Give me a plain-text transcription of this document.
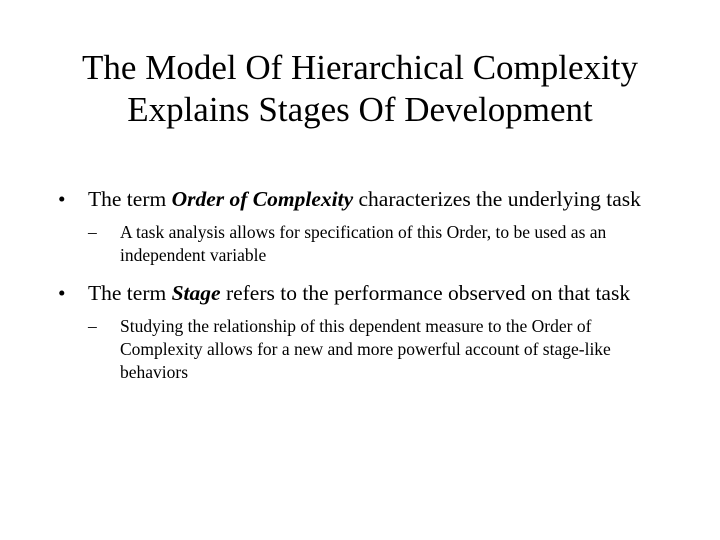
The Model Of Hierarchical Complexity
Explains Stages Of Development
• The term Order of Complexity characterizes the underlying task
– A task analysis allows for specification of this Order, to be used as an independent variable
• The term Stage refers to the performance observed on that task
– Studying the relationship of this dependent measure to the Order of Complexity allows for a new and more powerful account of stage-like behaviors
